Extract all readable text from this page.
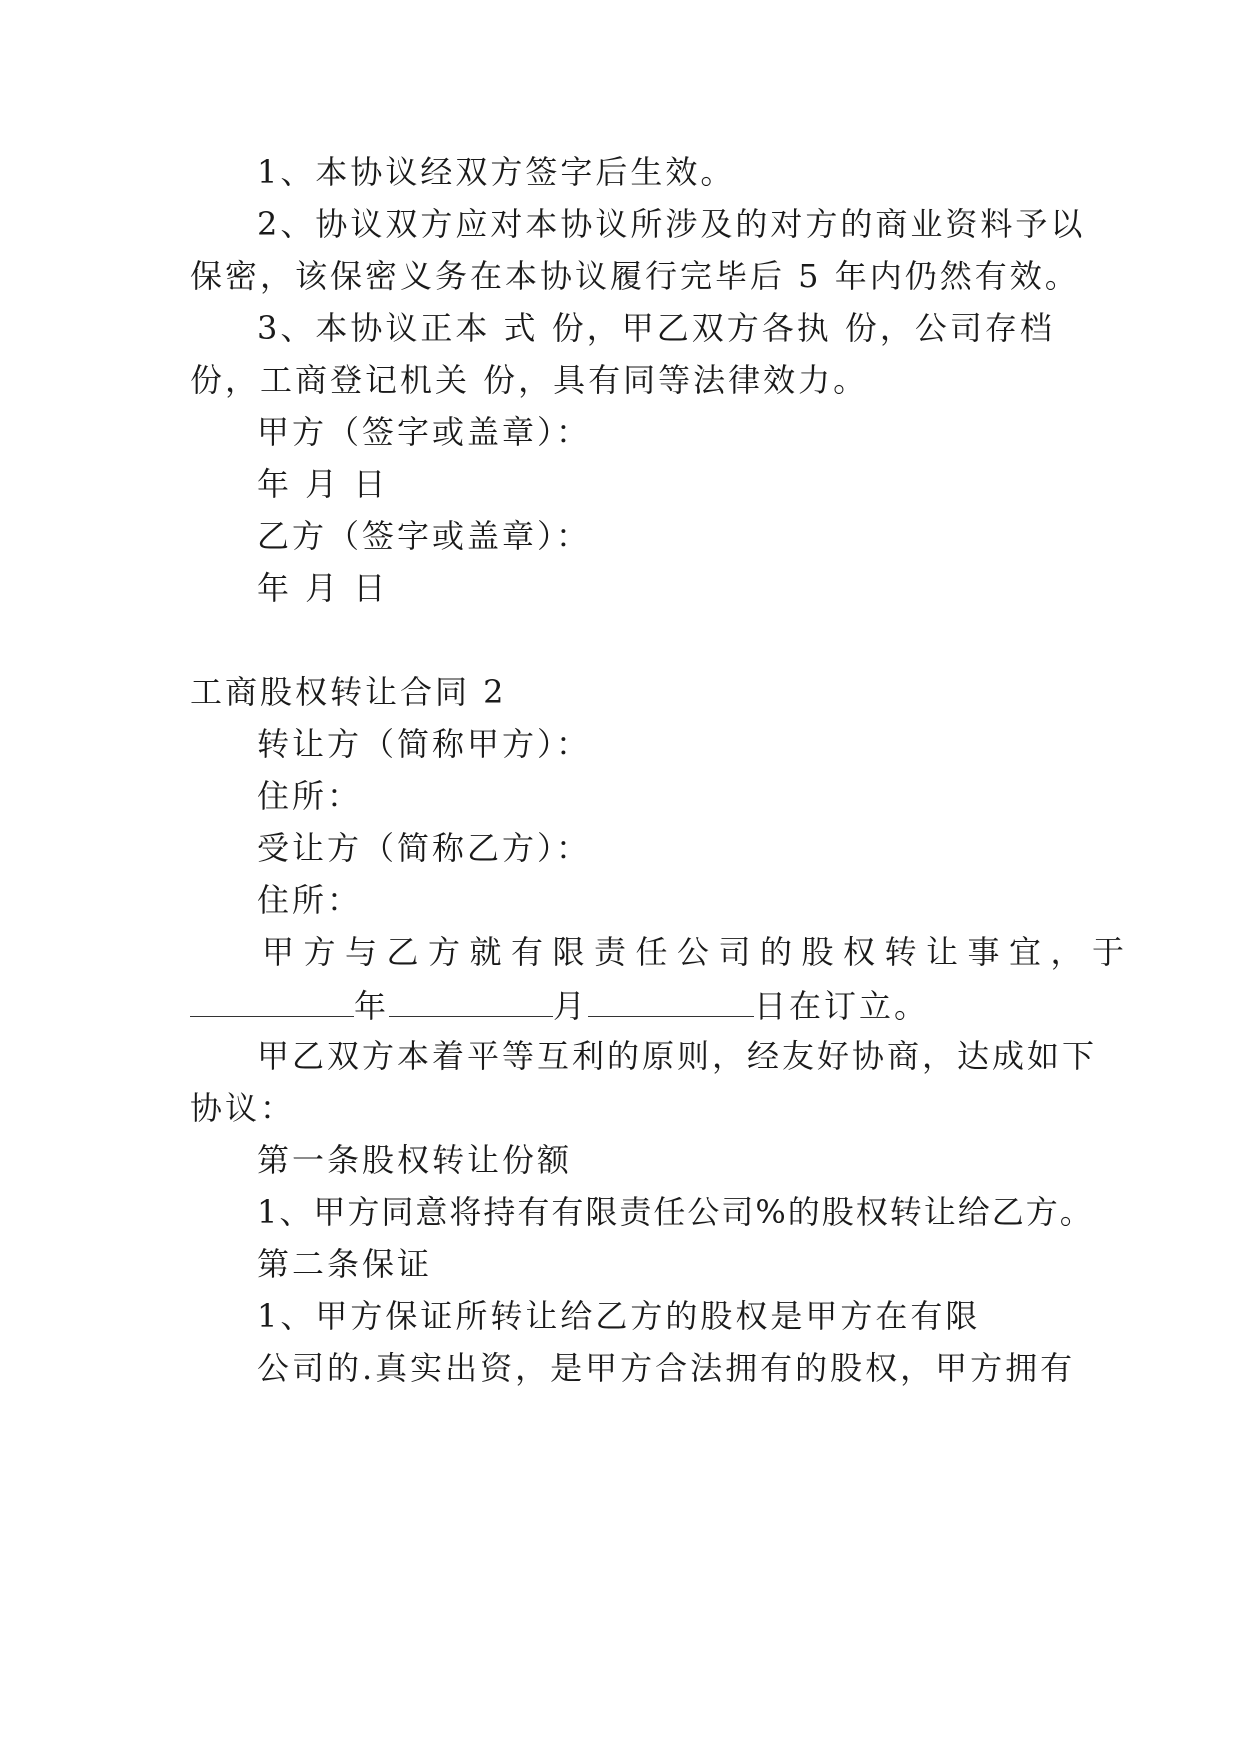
1、本协议经双方签字后生效。
2、协议双方应对本协议所涉及的对方的商业资料予以
保密，该保密义务在本协议履行完毕后 5 年内仍然有效。
3、本协议正本 式 份，甲乙双方各执 份，公司存档
份，工商登记机关 份，具有同等法律效力。
甲方（签字或盖章）：
年 月 日
乙方（签字或盖章）：
年 月 日
工商股权转让合同 2
转让方（简称甲方）：
住所：
受让方（简称乙方）：
住所：
甲方与乙方就有限责任公司的股权转让事宜，于
年	月	日在订立。
甲乙双方本着平等互利的原则，经友好协商，达成如下
协议：
第一条股权转让份额
1、甲方同意将持有有限责任公司%的股权转让给乙方。
第二条保证
1、甲方保证所转让给乙方的股权是甲方在有限
公司的.真实出资，是甲方合法拥有的股权，甲方拥有
